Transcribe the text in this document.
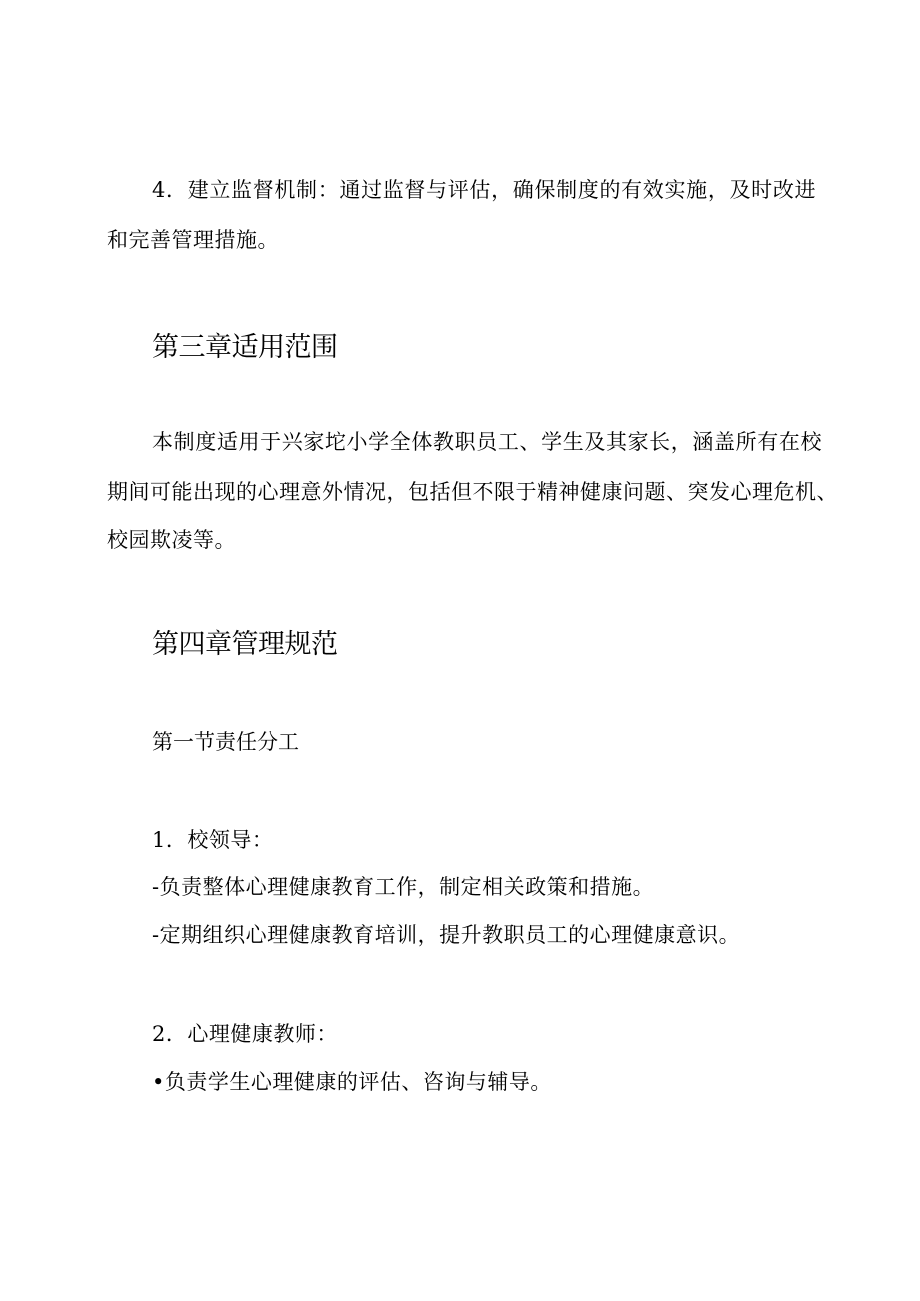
4．建立监督机制：通过监督与评估，确保制度的有效实施，及时改进
和完善管理措施。
第三章适用范围
本制度适用于兴家坨小学全体教职员工、学生及其家长，涵盖所有在校
期间可能出现的心理意外情况，包括但不限于精神健康问题、突发心理危机、
校园欺凌等。
第四章管理规范
第一节责任分工
1．校领导：
-负责整体心理健康教育工作，制定相关政策和措施。
-定期组织心理健康教育培训，提升教职员工的心理健康意识。
2．心理健康教师：
•负责学生心理健康的评估、咨询与辅导。
